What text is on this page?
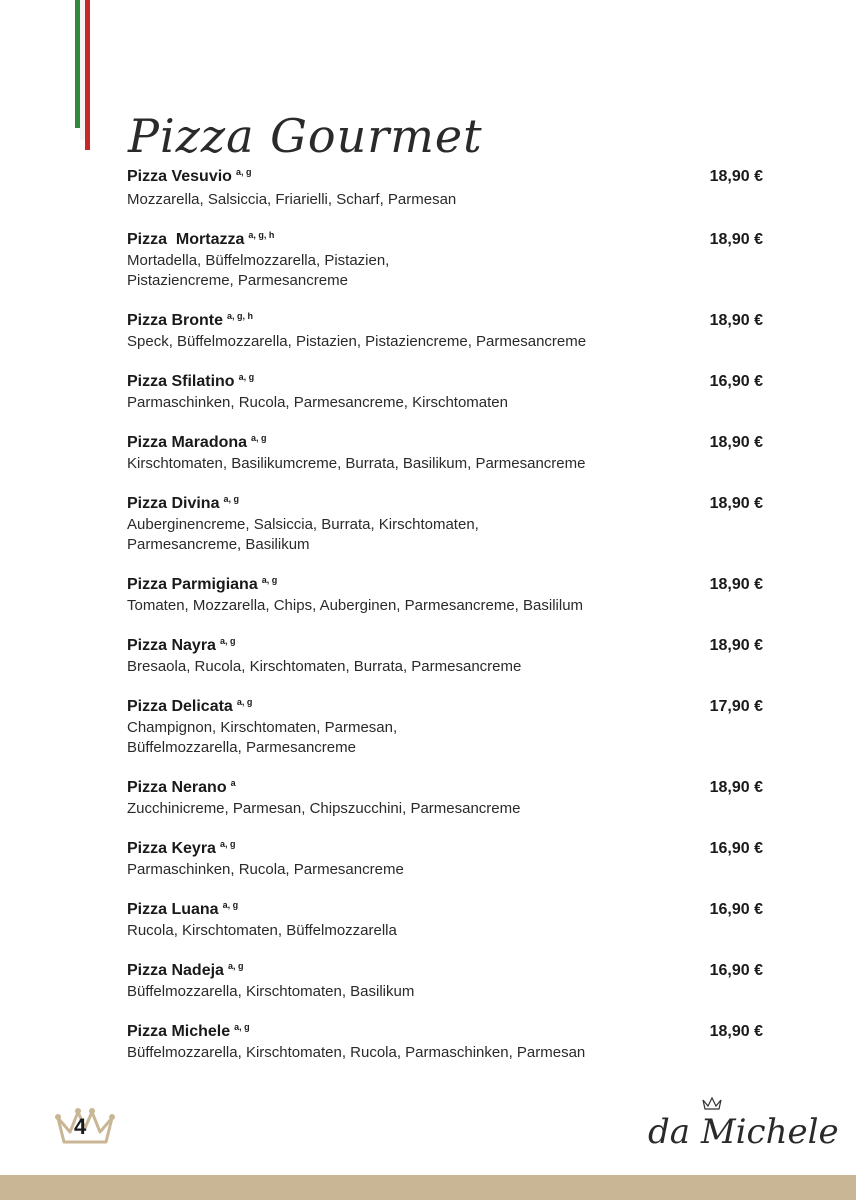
Pizza Gourmet
Pizza Vesuvio $^{a, g}$	18,90 €
Mozzarella, Salsiccia, Friarielli, Scharf, Parmesan
Pizza  Mortazza $^{a, g, h}$	18,90 €
Mortadella, Büffelmozzarella, Pistazien,
Pistaziencreme, Parmesancreme
Pizza Bronte $^{a, g, h}$	18,90 €
Speck, Büffelmozzarella, Pistazien, Pistaziencreme, Parmesancreme
Pizza Sfilatino $^{a, g}$	16,90 €
Parmaschinken, Rucola, Parmesancreme, Kirschtomaten
Pizza Maradona $^{a, g}$	18,90 €
Kirschtomaten, Basilikumcreme, Burrata, Basilikum, Parmesancreme
Pizza Divina $^{a, g}$	18,90 €
Auberginencreme, Salsiccia, Burrata, Kirschtomaten,
Parmesancreme, Basilikum
Pizza Parmigiana $^{a, g}$	18,90 €
Tomaten, Mozzarella, Chips, Auberginen, Parmesancreme, Basililum
Pizza Nayra $^{a, g}$	18,90 €
Bresaola, Rucola, Kirschtomaten, Burrata, Parmesancreme
Pizza Delicata $^{a, g}$	17,90 €
Champignon, Kirschtomaten, Parmesan,
Büffelmozzarella, Parmesancreme
Pizza Nerano $^a$	18,90 €
Zucchinicreme, Parmesan, Chipszucchini, Parmesancreme
Pizza Keyra $^{a, g}$	16,90 €
Parmaschinken, Rucola, Parmesancreme
Pizza Luana $^{a, g}$	16,90 €
Rucola, Kirschtomaten, Büffelmozzarella
Pizza Nadeja $^{a, g}$	16,90 €
Büffelmozzarella, Kirschtomaten, Basilikum
Pizza Michele $^{a, g}$	18,90 €
Büffelmozzarella, Kirschtomaten, Rucola, Parmaschinken, Parmesan
4	da Michele
